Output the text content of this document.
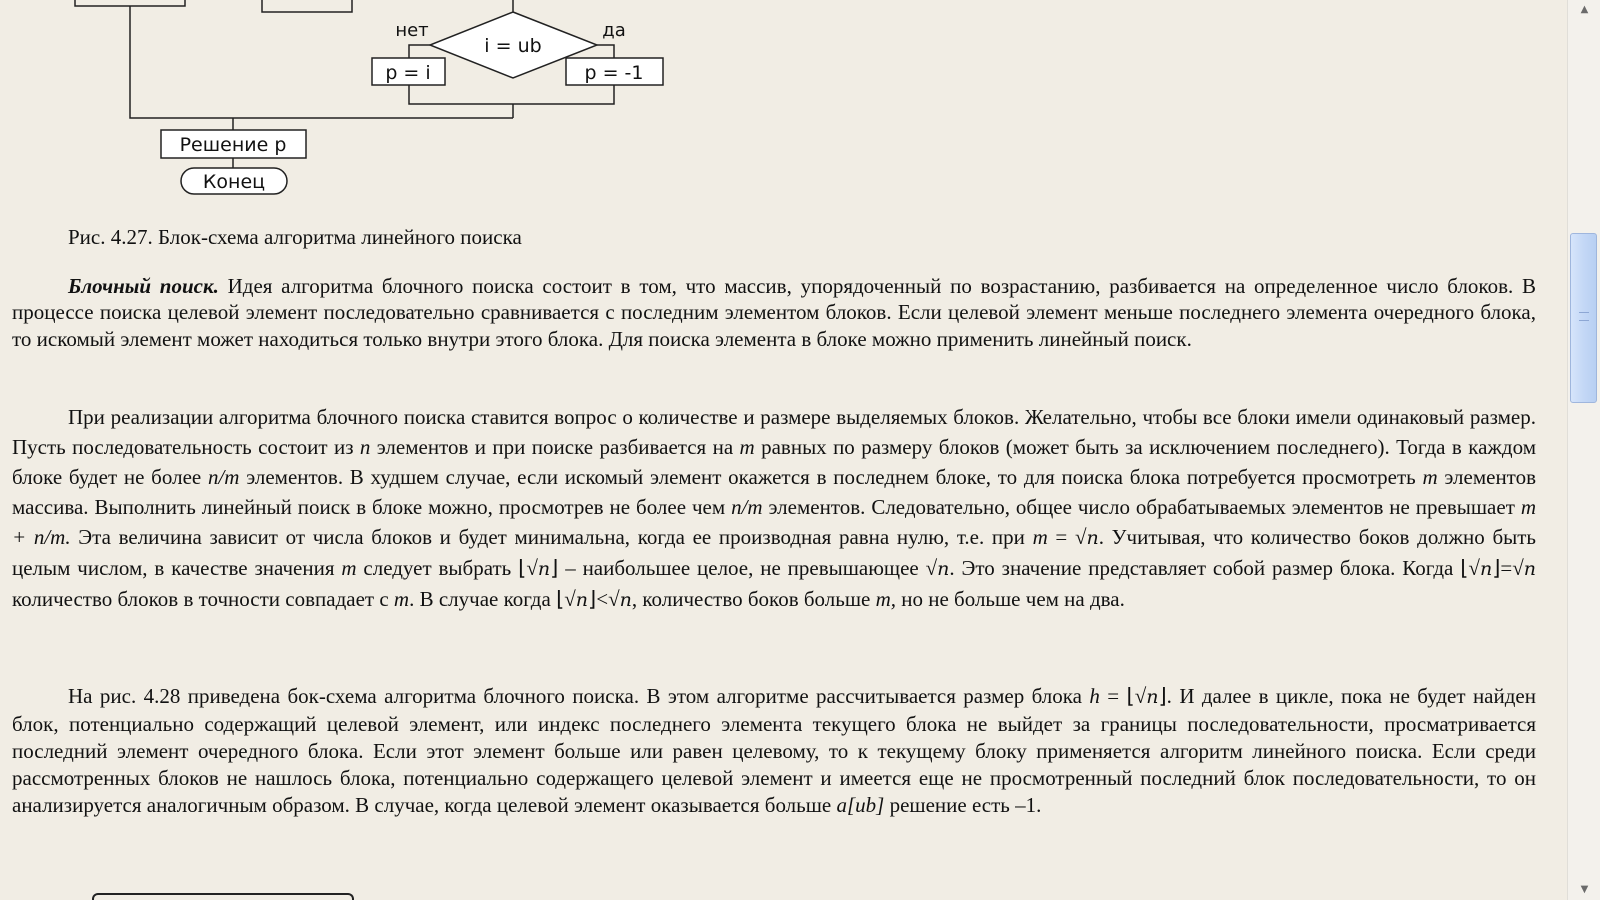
i = ub
нет	да
p = i	p = -1
Решение p
Конец
Рис. 4.27. Блок-схема алгоритма линейного поиска

Блочный поиск. Идея алгоритма блочного поиска состоит в том, что массив, упорядоченный по возрастанию, разбивается на определенное число блоков. В процессе поиска целевой элемент последовательно сравнивается с последним элементом блоков. Если целевой элемент меньше последнего элемента очередного блока, то искомый элемент может находиться только внутри этого блока. Для поиска элемента в блоке можно применить линейный поиск.

При реализации алгоритма блочного поиска ставится вопрос о количестве и размере выделяемых блоков. Желательно, чтобы все блоки имели одинаковый размер. Пусть последовательность состоит из n элементов и при поиске разбивается на m равных по размеру блоков (может быть за исключением последнего). Тогда в каждом блоке будет не более n/m элементов. В худшем случае, если искомый элемент окажется в последнем блоке, то для поиска блока потребуется просмотреть m элементов массива. Выполнить линейный поиск в блоке можно, просмотрев не более чем n/m элементов. Следовательно, общее число обрабатываемых элементов не превышает m + n/m. Эта величина зависит от числа блоков и будет минимальна, когда ее производная равна нулю, т.е. при m = √n. Учитывая, что количество боков должно быть целым числом, в качестве значения m следует выбрать ⌊√n⌋ – наибольшее целое, не превышающее √n. Это значение представляет собой размер блока. Когда ⌊√n⌋=√n количество блоков в точности совпадает с m. В случае когда ⌊√n⌋<√n, количество боков больше m, но не больше чем на два.

На рис. 4.28 приведена бок-схема алгоритма блочного поиска. В этом алгоритме рассчитывается размер блока h = ⌊√n⌋. И далее в цикле, пока не будет найден блок, потенциально содержащий целевой элемент, или индекс последнего элемента текущего блока не выйдет за границы последовательности, просматривается последний элемент очередного блока. Если этот элемент больше или равен целевому, то к текущему блоку применяется алгоритм линейного поиска. Если среди рассмотренных блоков не нашлось блока, потенциально содержащего целевой элемент и имеется еще не просмотренный последний блок последовательности, то он анализируется аналогичным образом. В случае, когда целевой элемент оказывается больше a[ub] решение есть –1.

▲
▼
